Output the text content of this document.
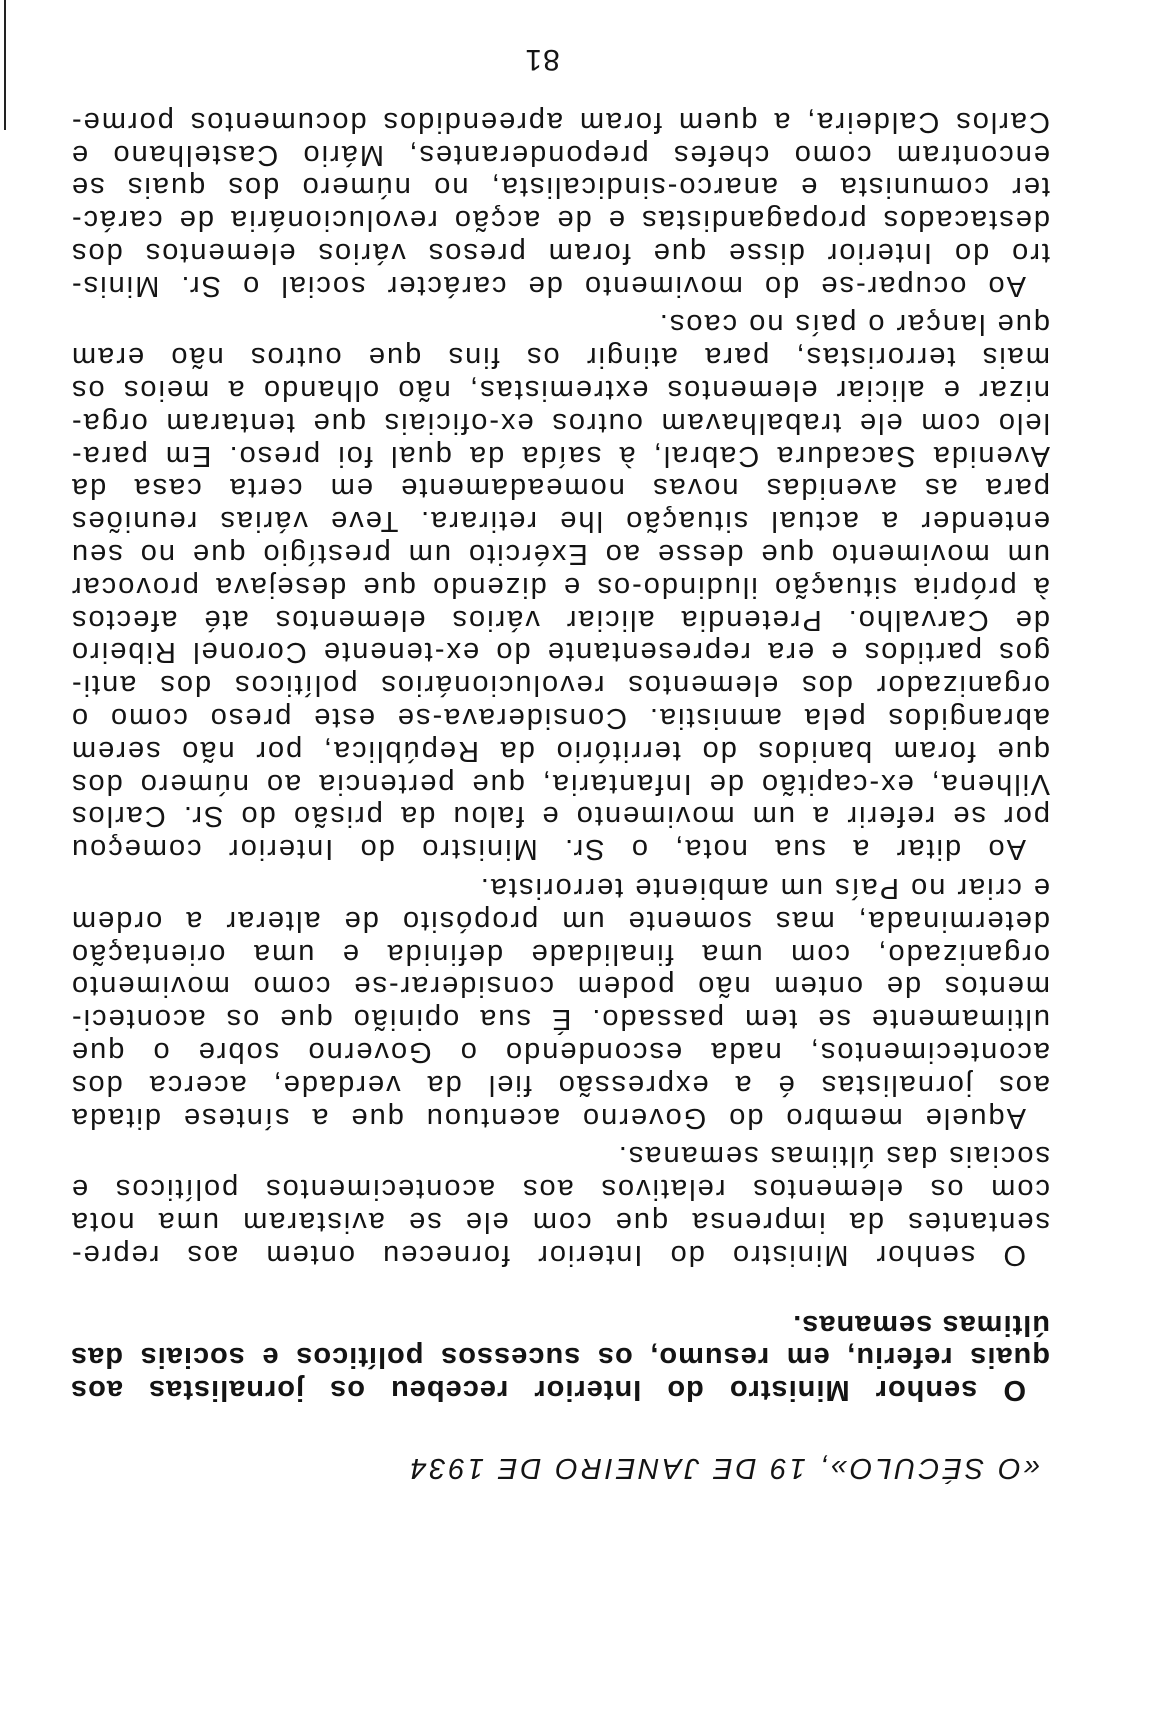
«O SÉCULO», 19 DE JANEIRO DE 1934
O senhor Ministro do Interior recebeu os jornalistas aos
quais referiu, em resumo, os sucessos políticos e sociais das
últimas semanas.
O senhor Ministro do Interior forneceu ontem aos repre-
sentantes da imprensa que com ele se avistaram uma nota
com os elementos relativos aos acontecimentos políticos e
sociais das últimas semanas.
Aquele membro do Governo acentuou que a síntese ditada
aos jornalistas é a expressão fiel da verdade, acerca dos
acontecimentos, nada escondendo o Governo sobre o que
ultimamente se tem passado. É sua opinião que os aconteci-
mentos de ontem não podem considerar-se como movimento
organizado, com uma finalidade definida e uma orientação
determinada, mas somente um propósito de alterar a ordem
e criar no País um ambiente terrorista.
Ao ditar a sua nota, o Sr. Ministro do Interior começou
por se referir a um movimento e falou da prisão do Sr. Carlos
Vilhena, ex-capitão de Infantaria, que pertencia ao número dos
que foram banidos do território da República, por não serem
abrangidos pela amnistia. Considerava-se este preso como o
organizador dos elementos revolucionários políticos dos anti-
gos partidos e era representante do ex-tenente Coronel Ribeiro
de Carvalho. Pretendia aliciar vários elementos até afectos
à própria situação iludindo-os e dizendo que desejava provocar
um movimento que desse ao Exército um prestígio que no seu
entender a actual situação lhe retirara. Teve várias reuniões
para as avenidas novas nomeadamente em certa casa da
Avenida Sacadura Cabral, à saída da qual foi preso. Em para-
lelo com ele trabalhavam outros ex-oficiais que tentaram orga-
nizar e aliciar elementos extremistas, não olhando a meios os
mais terroristas, para atingir os fins que outros não eram
que lançar o país no caos.
Ao ocupar-se do movimento de carácter social o Sr. Minis-
tro do Interior disse que foram presos vários elementos dos
destacados propagandistas e de acção revolucionária de carác-
ter comunista e anarco-sindicalista, no número dos quais se
encontram como chefes preponderantes, Mário Castelhano e
Carlos Caldeira, a quem foram apreendidos documentos porme-
81
